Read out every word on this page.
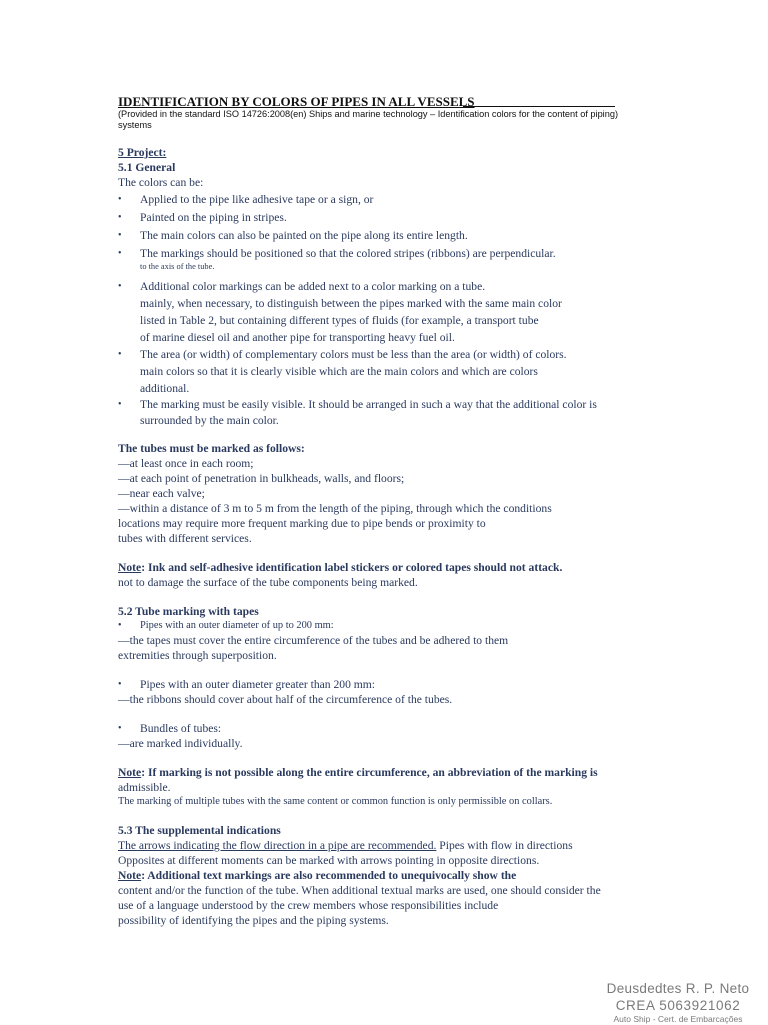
IDENTIFICATION BY COLORS OF PIPES IN ALL VESSELS

(Provided in the standard ISO 14726:2008(en) Ships and marine technology – Identification colors for the content of piping)

systems

5 Project:

5.1 General

The colors can be:

• Applied to the pipe like adhesive tape or a sign, or
• Painted on the piping in stripes.
• The main colors can also be painted on the pipe along its entire length.
• The markings should be positioned so that the colored stripes (ribbons) are perpendicular.
to the axis of the tube.
• Additional color markings can be added next to a color marking on a tube.
mainly, when necessary, to distinguish between the pipes marked with the same main color
listed in Table 2, but containing different types of fluids (for example, a transport tube
of marine diesel oil and another pipe for transporting heavy fuel oil.
• The area (or width) of complementary colors must be less than the area (or width) of colors.
main colors so that it is clearly visible which are the main colors and which are colors
additional.
• The marking must be easily visible. It should be arranged in such a way that the additional color is
surrounded by the main color.

The tubes must be marked as follows:

—at least once in each room;

—at each point of penetration in bulkheads, walls, and floors;

—near each valve;

—within a distance of 3 m to 5 m from the length of the piping, through which the conditions

locations may require more frequent marking due to pipe bends or proximity to

tubes with different services.

Note: Ink and self-adhesive identification label stickers or colored tapes should not attack.

not to damage the surface of the tube components being marked.

5.2 Tube marking with tapes

• Pipes with an outer diameter of up to 200 mm:

—the tapes must cover the entire circumference of the tubes and be adhered to them

extremities through superposition.

• Pipes with an outer diameter greater than 200 mm:

—the ribbons should cover about half of the circumference of the tubes.

• Bundles of tubes:

—are marked individually.

Note: If marking is not possible along the entire circumference, an abbreviation of the marking is

admissible.

The marking of multiple tubes with the same content or common function is only permissible on collars.

5.3 The supplemental indications

The arrows indicating the flow direction in a pipe are recommended. Pipes with flow in directions

Opposites at different moments can be marked with arrows pointing in opposite directions.

Note: Additional text markings are also recommended to unequivocally show the

content and/or the function of the tube. When additional textual marks are used, one should consider the

use of a language understood by the crew members whose responsibilities include

possibility of identifying the pipes and the piping systems.

Deusdedtes R. P. Neto
CREA 5063921062
Auto Ship - Cert. de Embarcações
